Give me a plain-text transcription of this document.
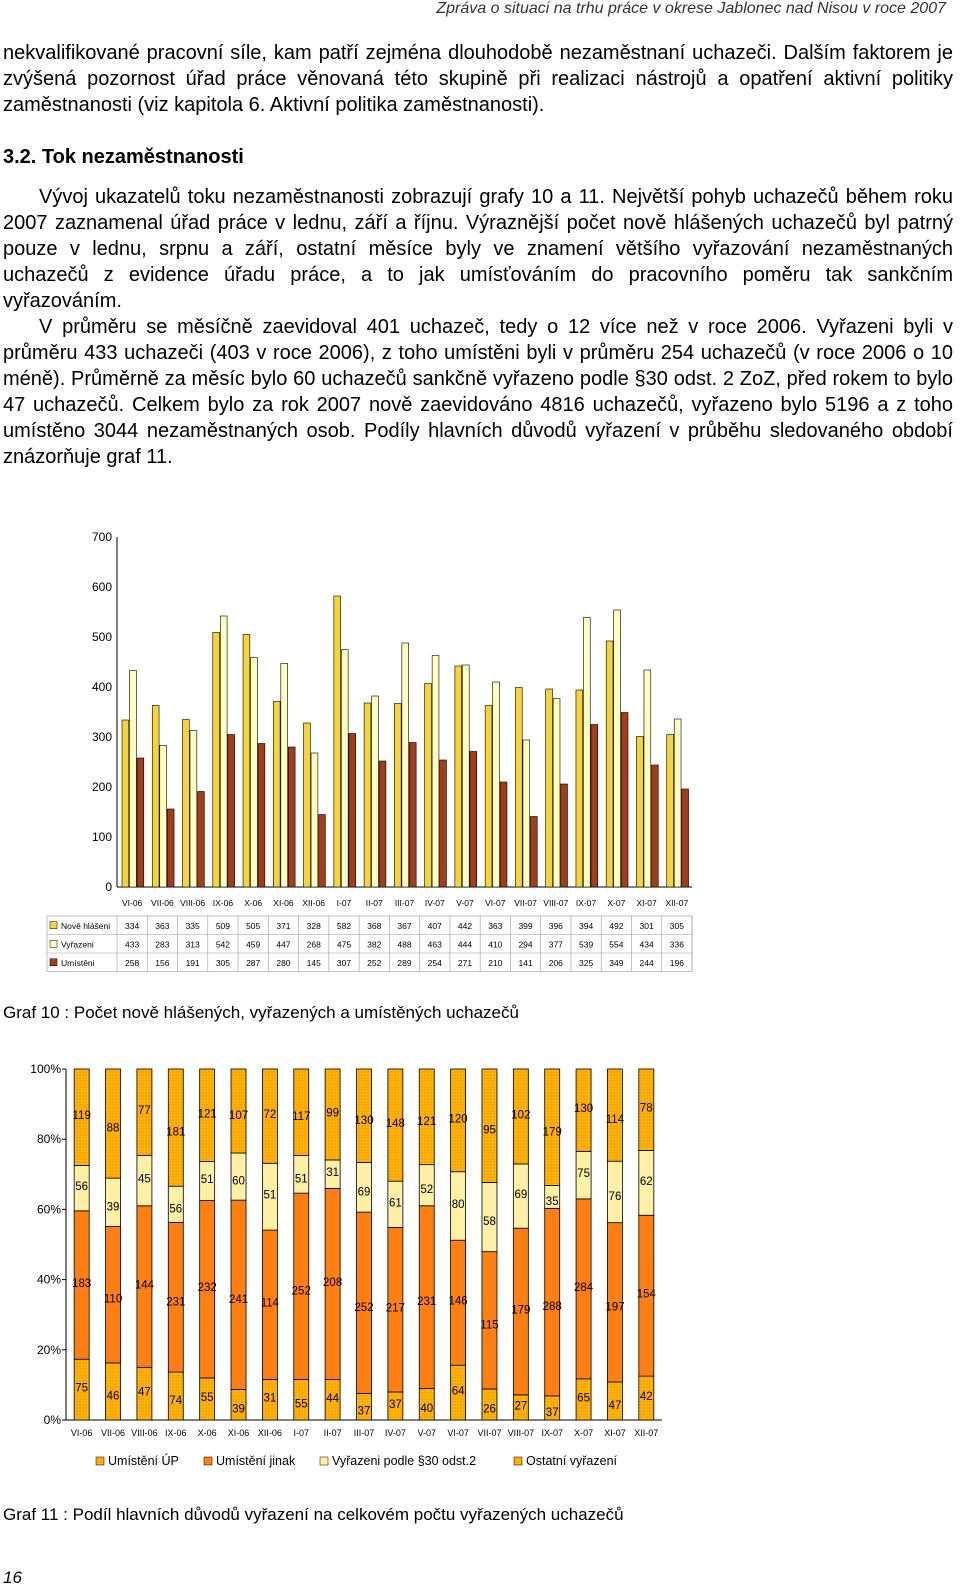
Zpráva o situaci na trhu práce v okrese Jablonec nad Nisou v roce 2007

nekvalifikované pracovní síle, kam patří zejména dlouhodobě nezaměstnaní uchazeči. Dalším faktorem je zvýšená pozornost úřad práce věnovaná této skupině při realizaci nástrojů a opatření aktivní politiky zaměstnanosti (viz kapitola 6. Aktivní politika zaměstnanosti).

3.2. Tok nezaměstnanosti

Vývoj ukazatelů toku nezaměstnanosti zobrazují grafy 10 a 11. Největší pohyb uchazečů během roku 2007 zaznamenal úřad práce v lednu, září a říjnu. Výraznější počet nově hlášených uchazečů byl patrný pouze v lednu, srpnu a září, ostatní měsíce byly ve znamení většího vyřazování nezaměstnaných uchazečů z evidence úřadu práce, a to jak umísťováním do pracovního poměru tak sankčním vyřazováním.

V průměru se měsíčně zaevidoval 401 uchazeč, tedy o 12 více než v roce 2006. Vyřazeni byli v průměru 433 uchazeči (403 v roce 2006), z toho umístěni byli v průměru 254 uchazečů (v roce 2006 o 10 méně). Průměrně za měsíc bylo 60 uchazečů sankčně vyřazeno podle §30 odst. 2 ZoZ, před rokem to bylo 47 uchazečů. Celkem bylo za rok 2007 nově zaevidováno 4816 uchazečů, vyřazeno bylo 5196 a z toho umístěno 3044 nezaměstnaných osob. Podíly hlavních důvodů vyřazení v průběhu sledovaného období znázorňuje graf 11.

0
100
200
300
400
500
600
700
VI-06 VII-06 VIII-06 IX-06 X-06 XI-06 XII-06 I-07 II-07 III-07 IV-07 V-07 VI-07 VII-07 VIII-07 IX-07 X-07 XI-07 XII-07
Nově hlášeni 334 363 335 509 505 371 328 582 368 367 407 442 363 399 396 394 492 301 305
Vyřazeni	433 283 313 542 459 447 268 475 382 488 463 444 410 294 377 539 554 434 336
Umístěni	258 156 191 305 287 280 145 307 252 289 254 271 210 141 206 325 349 244 196
Graf 10 : Počet nově hlášených, vyřazených a umístěných uchazečů
0%
20%
40%
60%
80%
100%
75
183
56
119
VI-06
46
110
39
88
VII-06
47
144
45
77
VIII-06
74
231
56
181
IX-06
55
232
51
121
X-06
39
241
60
107
XI-06
31
114
51
72
XII-06
55
252
51
117
I-07
44
208
31
99
II-07
37
252
69
130
III-07
37
217
61
148
IV-07
40
231
52
121
V-07
64
146
80
120
VI-07
26
115
58
95
VII-07
27
179
69
102
VIII-07
37
288
35
179
IX-07
65
284
75
130
X-07
47
197
76
114
XI-07
42
154
62
78
XII-07
Umístění ÚP	Umístění jinak	Vyřazeni podle §30 odst.2	Ostatní vyřazení
Graf 11 : Podíl hlavních důvodů vyřazení na celkovém počtu vyřazených uchazečů
16
